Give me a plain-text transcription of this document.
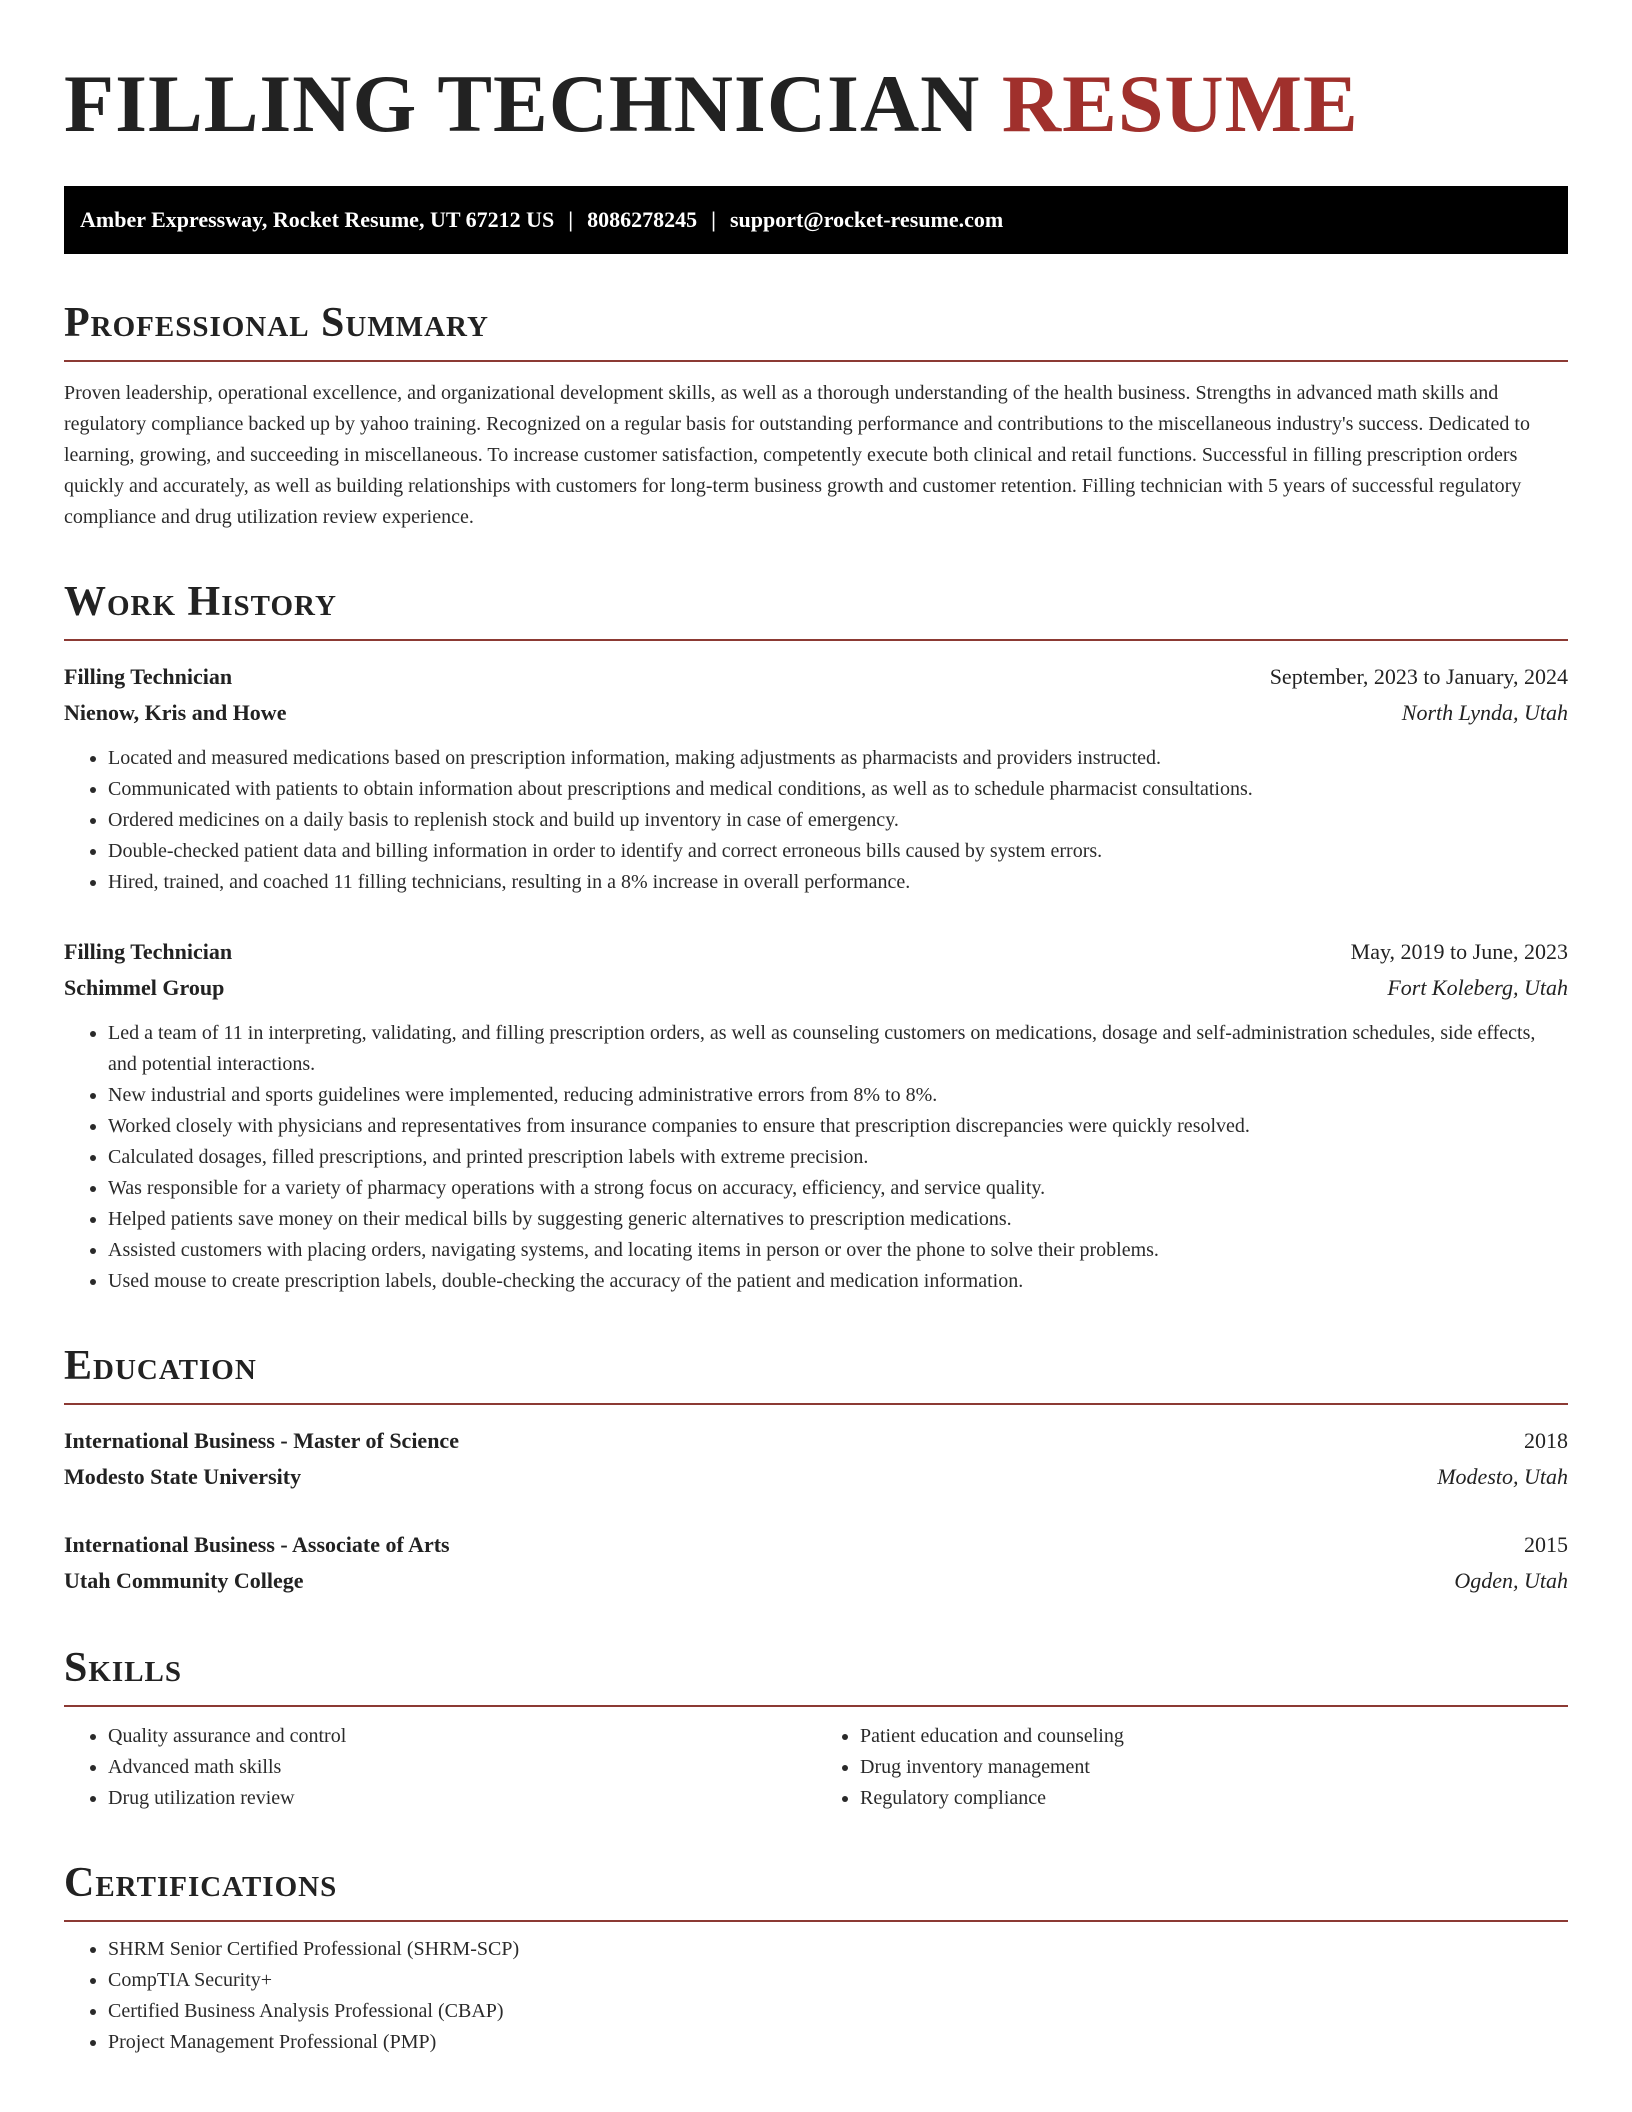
FILLING TECHNICIAN RESUME
Amber Expressway, Rocket Resume, UT 67212 US | 8086278245 | support@rocket-resume.com
Professional Summary

Proven leadership, operational excellence, and organizational development skills, as well as a thorough understanding of the health business. Strengths in advanced math skills and regulatory compliance backed up by yahoo training. Recognized on a regular basis for outstanding performance and contributions to the miscellaneous industry's success. Dedicated to learning, growing, and succeeding in miscellaneous. To increase customer satisfaction, competently execute both clinical and retail functions. Successful in filling prescription orders quickly and accurately, as well as building relationships with customers for long-term business growth and customer retention. Filling technician with 5 years of successful regulatory compliance and drug utilization review experience.

Work History
Filling Technician	September, 2023 to January, 2024
Nienow, Kris and Howe	North Lynda, Utah
• Located and measured medications based on prescription information, making adjustments as pharmacists and providers instructed.
• Communicated with patients to obtain information about prescriptions and medical conditions, as well as to schedule pharmacist consultations.
• Ordered medicines on a daily basis to replenish stock and build up inventory in case of emergency.
• Double-checked patient data and billing information in order to identify and correct erroneous bills caused by system errors.
• Hired, trained, and coached 11 filling technicians, resulting in a 8% increase in overall performance.
Filling Technician	May, 2019 to June, 2023
Schimmel Group	Fort Koleberg, Utah
• Led a team of 11 in interpreting, validating, and filling prescription orders, as well as counseling customers on medications, dosage and self-administration schedules, side effects, and potential interactions.
• New industrial and sports guidelines were implemented, reducing administrative errors from 8% to 8%.
• Worked closely with physicians and representatives from insurance companies to ensure that prescription discrepancies were quickly resolved.
• Calculated dosages, filled prescriptions, and printed prescription labels with extreme precision.
• Was responsible for a variety of pharmacy operations with a strong focus on accuracy, efficiency, and service quality.
• Helped patients save money on their medical bills by suggesting generic alternatives to prescription medications.
• Assisted customers with placing orders, navigating systems, and locating items in person or over the phone to solve their problems.
• Used mouse to create prescription labels, double-checking the accuracy of the patient and medication information.
Education
International Business - Master of Science	2018
Modesto State University	Modesto, Utah
International Business - Associate of Arts	2015
Utah Community College	Ogden, Utah
Skills
• Quality assurance and control
• Advanced math skills
• Drug utilization review
• Patient education and counseling
• Drug inventory management
• Regulatory compliance
Certifications
• SHRM Senior Certified Professional (SHRM-SCP)
• CompTIA Security+
• Certified Business Analysis Professional (CBAP)
• Project Management Professional (PMP)
